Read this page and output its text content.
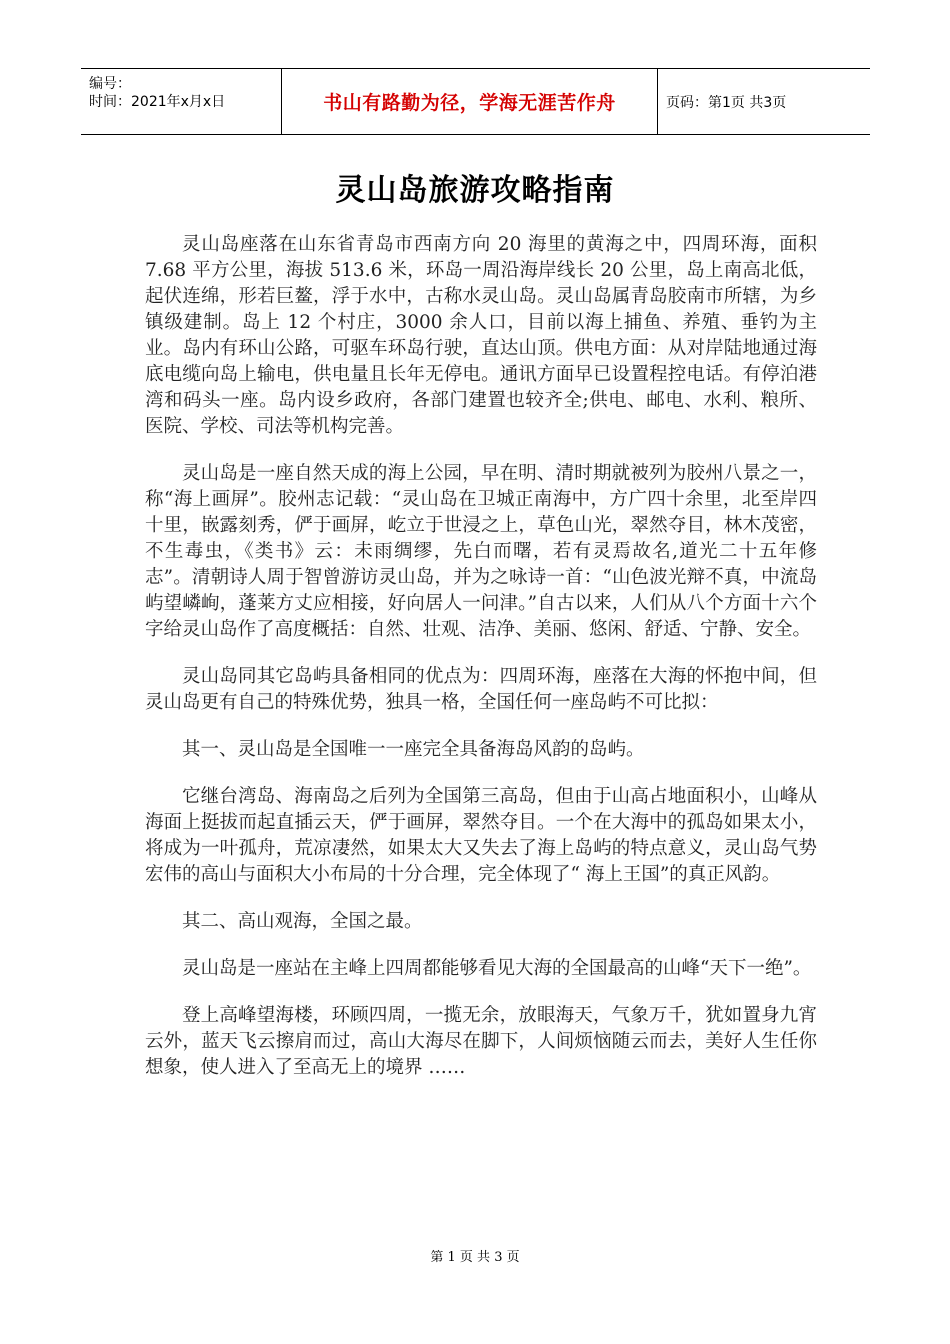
编号：
时间：2021年x月x日	书山有路勤为径，学海无涯苦作舟	页码：第1页 共3页
灵山岛旅游攻略指南

灵山岛座落在山东省青岛市西南方向 20 海里的黄海之中，四周环海，面积 7.68 平方公里，海拔 513.6 米，环岛一周沿海岸线长 20 公里，岛上南高北低，起伏连绵，形若巨鳌，浮于水中，古称水灵山岛。灵山岛属青岛胶南市所辖，为乡镇级建制。岛上 12 个村庄，3000 余人口，目前以海上捕鱼、养殖、垂钓为主业。岛内有环山公路，可驱车环岛行驶，直达山顶。供电方面：从对岸陆地通过海底电缆向岛上输电，供电量且长年无停电。通讯方面早已设置程控电话。有停泊港湾和码头一座。岛内设乡政府，各部门建置也较齐全;供电、邮电、水利、粮所、医院、学校、司法等机构完善。

灵山岛是一座自然天成的海上公园，早在明、清时期就被列为胶州八景之一，称“海上画屏”。胶州志记载：“灵山岛在卫城正南海中，方广四十余里，北至岸四十里，嵌露刻秀，俨于画屏，屹立于世浸之上，草色山光，翠然夺目，林木茂密，不生毒虫，《类书》云：未雨绸缪，先白而曙，若有灵焉故名,道光二十五年修志”。清朝诗人周于智曾游访灵山岛，并为之咏诗一首：“山色波光辩不真，中流岛屿望嶙峋，蓬莱方丈应相接，好向居人一问津。”自古以来，人们从八个方面十六个字给灵山岛作了高度概括：自然、壮观、洁净、美丽、悠闲、舒适、宁静、安全。

灵山岛同其它岛屿具备相同的优点为：四周环海，座落在大海的怀抱中间，但灵山岛更有自己的特殊优势，独具一格，全国任何一座岛屿不可比拟：

其一、灵山岛是全国唯一一座完全具备海岛风韵的岛屿。

它继台湾岛、海南岛之后列为全国第三高岛，但由于山高占地面积小，山峰从海面上挺拔而起直插云天，俨于画屏，翠然夺目。一个在大海中的孤岛如果太小，将成为一叶孤舟，荒凉凄然，如果太大又失去了海上岛屿的特点意义，灵山岛气势宏伟的高山与面积大小布局的十分合理，完全体现了“ 海上王国”的真正风韵。

其二、高山观海，全国之最。

灵山岛是一座站在主峰上四周都能够看见大海的全国最高的山峰“天下一绝”。

登上高峰望海楼，环顾四周，一揽无余，放眼海天，气象万千，犹如置身九宵云外，蓝天飞云擦肩而过，高山大海尽在脚下，人间烦恼随云而去，美好人生任你想象，使人进入了至高无上的境界 ……

第 1 页 共 3 页
